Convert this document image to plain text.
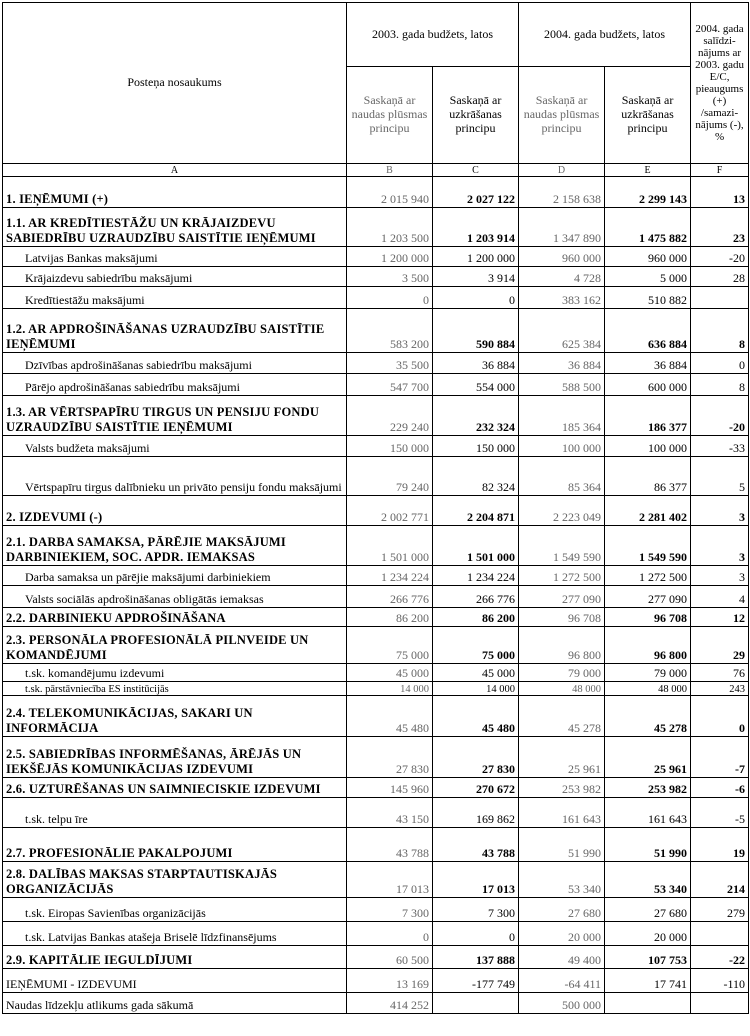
Posteņa nosaukums	2003. gada budžets, latos		2004. gada budžets, latos		2004. gada salīdzi-nājums ar 2003. gadu E/C, pieaugums (+) /samazi-nājums (-), %
	Saskaņā ar naudas plūsmas principu	Saskaņā ar uzkrāšanas principu	Saskaņā ar naudas plūsmas principu	Saskaņā ar uzkrāšanas principu	
A	B	C	D	E	F
1. IEŅĒMUMI (+)	2 015 940	2 027 122	2 158 638	2 299 143	13
1.1. AR KREDĪTIESTĀŽU UN KRĀJAIZDEVU SABIEDRĪBU UZRAUDZĪBU SAISTĪTIE IEŅĒMUMI	1 203 500	1 203 914	1 347 890	1 475 882	23
Latvijas Bankas maksājumi	1 200 000	1 200 000	960 000	960 000	-20
Krājaizdevu sabiedrību maksājumi	3 500	3 914	4 728	5 000	28
Kredītiestāžu maksājumi	0	0	383 162	510 882	
1.2. AR APDROŠINĀŠANAS UZRAUDZĪBU SAISTĪTIE IEŅĒMUMI	583 200	590 884	625 384	636 884	8
Dzīvības apdrošināšanas sabiedrību maksājumi	35 500	36 884	36 884	36 884	0
Pārējo apdrošināšanas sabiedrību maksājumi	547 700	554 000	588 500	600 000	8
1.3. AR VĒRTSPAPĪRU TIRGUS UN PENSIJU FONDU UZRAUDZĪBU SAISTĪTIE IEŅĒMUMI	229 240	232 324	185 364	186 377	-20
Valsts budžeta maksājumi	150 000	150 000	100 000	100 000	-33
Vērtspapīru tirgus dalībnieku un privāto pensiju fondu maksājumi	79 240	82 324	85 364	86 377	5
2. IZDEVUMI (-)	2 002 771	2 204 871	2 223 049	2 281 402	3
2.1. DARBA SAMAKSA, PĀRĒJIE MAKSĀJUMI DARBINIEKIEM, SOC. APDR. IEMAKSAS	1 501 000	1 501 000	1 549 590	1 549 590	3
Darba samaksa un pārējie maksājumi darbiniekiem	1 234 224	1 234 224	1 272 500	1 272 500	3
Valsts sociālās apdrošināšanas obligātās iemaksas	266 776	266 776	277 090	277 090	4
2.2. DARBINIEKU APDROŠINĀŠANA	86 200	86 200	96 708	96 708	12
2.3. PERSONĀLA PROFESIONĀLĀ PILNVEIDE UN KOMANDĒJUMI	75 000	75 000	96 800	96 800	29
t.sk. komandējumu izdevumi	45 000	45 000	79 000	79 000	76
t.sk. pārstāvniecība ES institūcijās	14 000	14 000	48 000	48 000	243
2.4. TELEKOMUNIKĀCIJAS, SAKARI UN INFORMĀCIJA	45 480	45 480	45 278	45 278	0
2.5. SABIEDRĪBAS INFORMĒŠANAS, ĀRĒJĀS UN IEKŠĒJĀS KOMUNIKĀCIJAS IZDEVUMI	27 830	27 830	25 961	25 961	-7
2.6. UZTURĒŠANAS UN SAIMNIECISKIE IZDEVUMI	145 960	270 672	253 982	253 982	-6
t.sk. telpu īre	43 150	169 862	161 643	161 643	-5
2.7. PROFESIONĀLIE PAKALPOJUMI	43 788	43 788	51 990	51 990	19
2.8. DALĪBAS MAKSAS STARPTAUTISKAJĀS ORGANIZĀCIJĀS	17 013	17 013	53 340	53 340	214
t.sk. Eiropas Savienības organizācijās	7 300	7 300	27 680	27 680	279
t.sk. Latvijas Bankas atašeja Briselē līdzfinansējums	0	0	20 000	20 000	
2.9. KAPITĀLIE IEGULDĪJUMI	60 500	137 888	49 400	107 753	-22
IEŅĒMUMI - IZDEVUMI	13 169	-177 749	-64 411	17 741	-110
Naudas līdzekļu atlikums gada sākumā	414 252		500 000		
